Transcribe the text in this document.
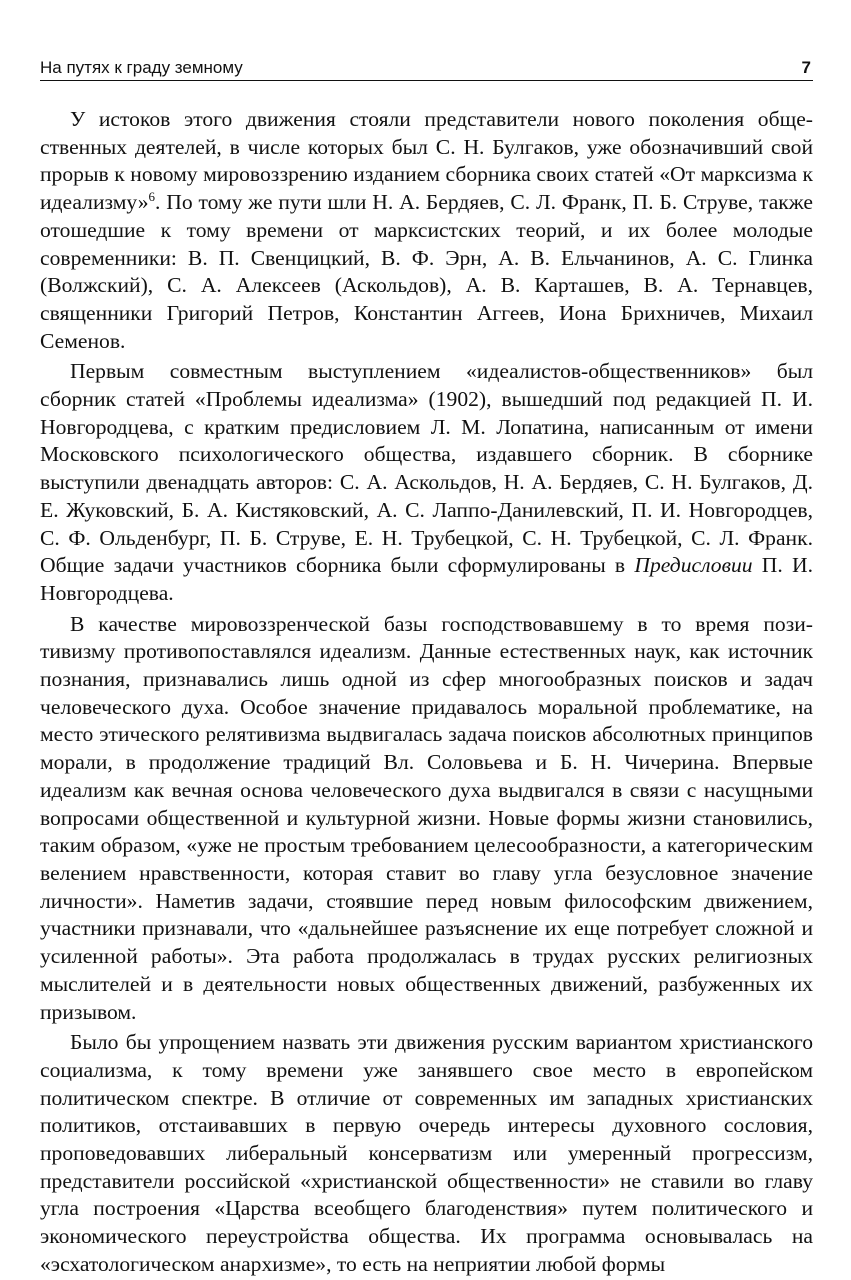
На путях к граду земному	7

У истоков этого движения стояли представители нового поколения общественных деятелей, в числе которых был С. Н. Булгаков, уже обозначивший свой прорыв к новому мировоззрению изданием сборника своих статей «От марксизма к идеализму»$^6$. По тому же пути шли Н. А. Бердяев, С. Л. Франк, П. Б. Струве, также отошедшие к тому времени от марксистских теорий, и их более молодые современники: В. П. Свенцицкий, В. Ф. Эрн, А. В. Ельчанинов, А. С. Глинка (Волжский), С. А. Алексеев (Аскольдов), А. В. Карташев, В. А. Тернавцев, священники Григорий Петров, Константин Аггеев, Иона Брихничев, Михаил Семенов.

Первым совместным выступлением «идеалистов-общественников» был сборник статей «Проблемы идеализма» (1902), вышедший под редакцией П. И. Новгородцева, с кратким предисловием Л. М. Лопатина, написанным от имени Московского психологического общества, издавшего сборник. В сборнике выступили двенадцать авторов: С. А. Аскольдов, Н. А. Бердяев, С. Н. Булгаков, Д. Е. Жуковский, Б. А. Кистяковский, А. С. Лаппо-Данилевский, П. И. Новгородцев, С. Ф. Ольденбург, П. Б. Струве, Е. Н. Трубецкой, С. Н. Трубецкой, С. Л. Франк. Общие задачи участников сборника были сформулированы в Предисловии П. И. Новгородцева.

В качестве мировоззренческой базы господствовавшему в то время позитивизму противопоставлялся идеализм. Данные естественных наук, как источник познания, признавались лишь одной из сфер многообразных поисков и задач человеческого духа. Особое значение придавалось моральной проблематике, на место этического релятивизма выдвигалась задача поисков абсолютных принципов морали, в продолжение традиций Вл. Соловьева и Б. Н. Чичерина. Впервые идеализм как вечная основа человеческого духа выдвигался в связи с насущными вопросами общественной и культурной жизни. Новые формы жизни становились, таким образом, «уже не простым требованием целесообразности, а категорическим велением нравственности, которая ставит во главу угла безусловное значение личности». Наметив задачи, стоявшие перед новым философским движением, участники признавали, что «дальнейшее разъяснение их еще потребует сложной и усиленной работы». Эта работа продолжалась в трудах русских религиозных мыслителей и в деятельности новых общественных движений, разбуженных их призывом.

Было бы упрощением назвать эти движения русским вариантом христианского социализма, к тому времени уже занявшего свое место в европейском политическом спектре. В отличие от современных им западных христианских политиков, отстаивавших в первую очередь интересы духовного сословия, проповедовавших либеральный консерватизм или умеренный прогрессизм, представители российской «христианской общественности» не ставили во главу угла построения «Царства всеобщего благоденствия» путем политического и экономического переустройства общества. Их программа основывалась на «эсхатологическом анархизме», то есть на неприятии любой формы
